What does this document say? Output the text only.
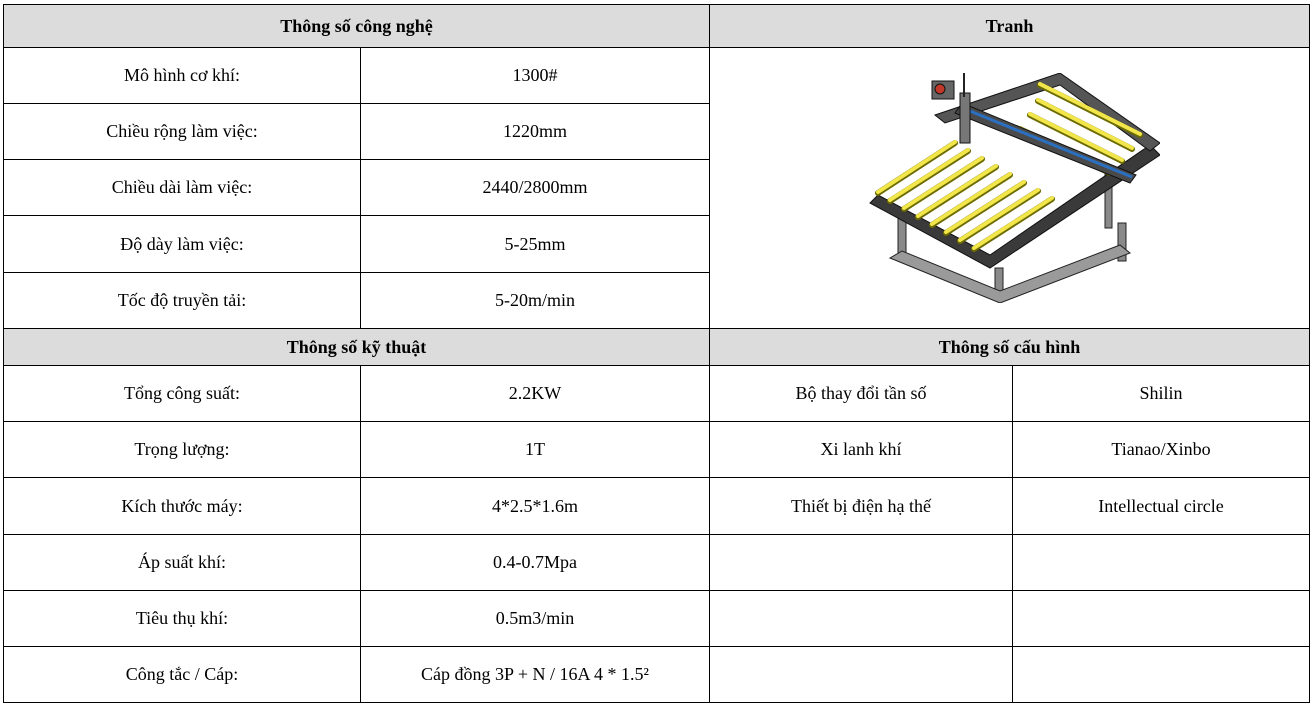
Thông số công nghệ		Tranh	
Mô hình cơ khí:	1300#	

Chiều rộng làm việc:	1220mm		
Chiều dài làm việc:	2440/2800mm		
Độ dày làm việc:	5-25mm		
Tốc độ truyền tải:	5-20m/min		
Thông số kỹ thuật		Thông số cấu hình	
Tổng công suất:	2.2KW	Bộ thay đổi tần số	Shilin
Trọng lượng:	1T	Xi lanh khí	Tianao/Xinbo
Kích thước máy:	4*2.5*1.6m	Thiết bị điện hạ thế	Intellectual circle
Áp suất khí:	0.4-0.7Mpa		
Tiêu thụ khí:	0.5m3/min		
Công tắc / Cáp:	Cáp đồng 3P + N / 16A 4 * 1.5²		
